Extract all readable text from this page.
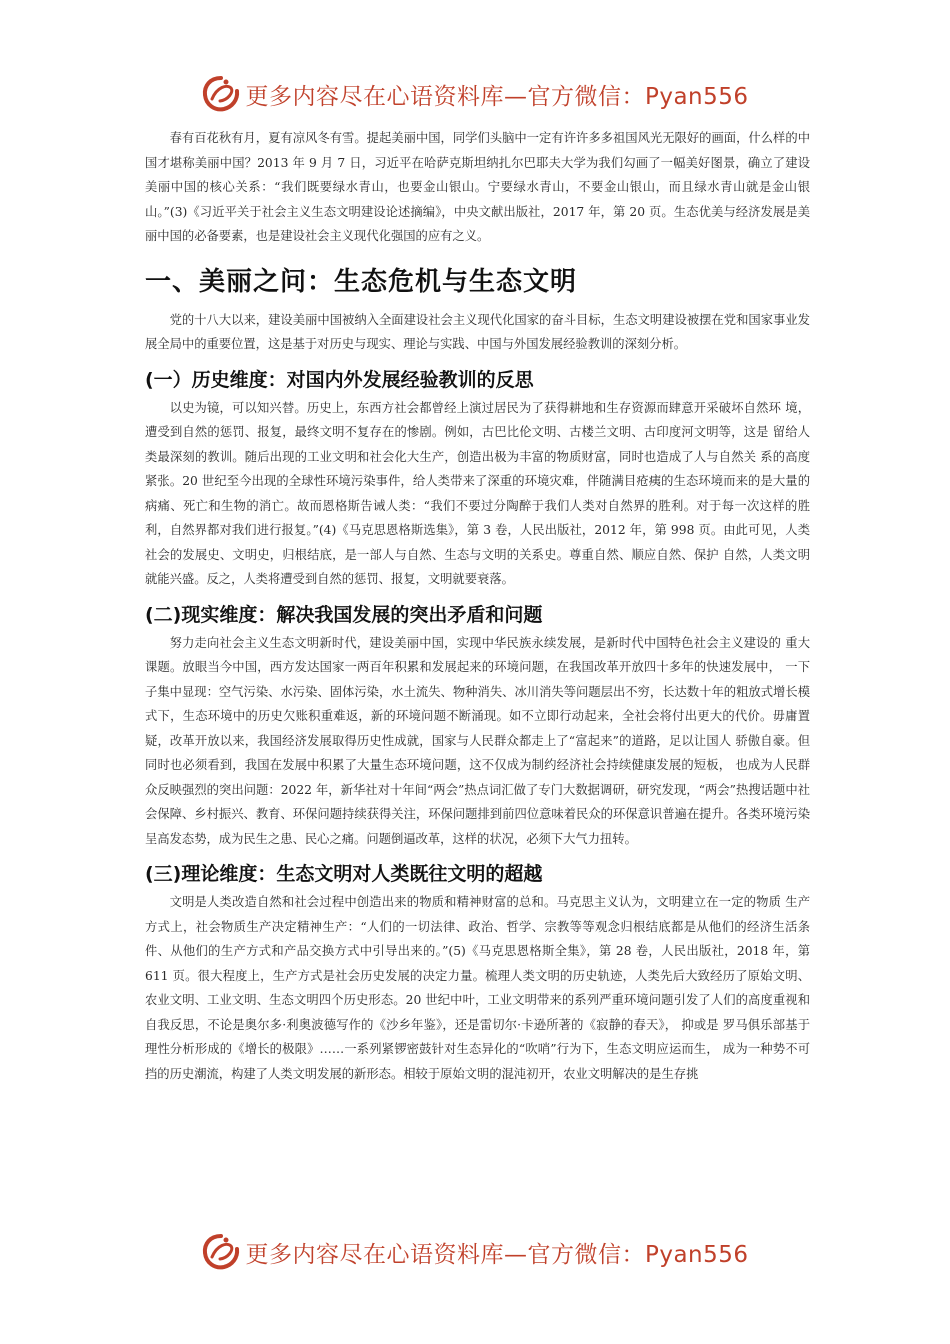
更多内容尽在心语资料库—官方微信：Pyan556

春有百花秋有月，夏有凉风冬有雪。提起美丽中国，同学们头脑中一定有许许多多祖国风光无限好的画面，什么样的中国才堪称美丽中国？2013 年 9 月 7 日，习近平在哈萨克斯坦纳扎尔巴耶夫大学为我们勾画了一幅美好图景，确立了建设美丽中国的核心关系：“我们既要绿水青山，也要金山银山。宁要绿水青山，不要金山银山，而且绿水青山就是金山银山。”(3)《习近平关于社会主义生态文明建设论述摘编》，中央文献出版社，2017 年，第 20 页。生态优美与经济发展是美丽中国的必备要素，也是建设社会主义现代化强国的应有之义。

一、美丽之问：生态危机与生态文明

党的十八大以来，建设美丽中国被纳入全面建设社会主义现代化国家的奋斗目标，生态文明建设被摆在党和国家事业发展全局中的重要位置，这是基于对历史与现实、理论与实践、中国与外国发展经验教训的深刻分析。

(一）历史维度：对国内外发展经验教训的反思

以史为镜，可以知兴替。历史上，东西方社会都曾经上演过居民为了获得耕地和生存资源而肆意开采破坏自然环 境，遭受到自然的惩罚、报复，最终文明不复存在的惨剧。例如，古巴比伦文明、古楼兰文明、古印度河文明等，这是 留给人类最深刻的教训。随后出现的工业文明和社会化大生产，创造出极为丰富的物质财富，同时也造成了人与自然关 系的高度紧张。20 世纪至今出现的全球性环境污染事件，给人类带来了深重的环境灾难，伴随满目疮痍的生态环境而来的是大量的病痛、死亡和生物的消亡。故而恩格斯告诫人类：“我们不要过分陶醉于我们人类对自然界的胜利。对于每一次这样的胜利，自然界都对我们进行报复。”(4)《马克思恩格斯选集》，第 3 卷，人民出版社，2012 年，第 998 页。由此可见，人类社会的发展史、文明史，归根结底，是一部人与自然、生态与文明的关系史。尊重自然、顺应自然、保护 自然，人类文明就能兴盛。反之，人类将遭受到自然的惩罚、报复，文明就要衰落。

(二)现实维度：解决我国发展的突出矛盾和问题

努力走向社会主义生态文明新时代，建设美丽中国，实现中华民族永续发展，是新时代中国特色社会主义建设的 重大课题。放眼当今中国，西方发达国家一两百年积累和发展起来的环境问题，在我国改革开放四十多年的快速发展中， 一下子集中显现：空气污染、水污染、固体污染，水土流失、物种消失、冰川消失等问题层出不穷，长达数十年的粗放式增长模式下，生态环境中的历史欠账积重难返，新的环境问题不断涌现。如不立即行动起来，全社会将付出更大的代价。毋庸置疑，改革开放以来，我国经济发展取得历史性成就，国家与人民群众都走上了“富起来”的道路，足以让国人 骄傲自豪。但同时也必须看到，我国在发展中积累了大量生态环境问题，这不仅成为制约经济社会持续健康发展的短板， 也成为人民群众反映强烈的突出问题：2022 年，新华社对十年间“两会”热点词汇做了专门大数据调研，研究发现，“两会”热搜话题中社会保障、乡村振兴、教育、环保问题持续获得关注，环保问题排到前四位意味着民众的环保意识普遍在提升。各类环境污染呈高发态势，成为民生之患、民心之痛。问题倒逼改革，这样的状况，必须下大气力扭转。

(三)理论维度：生态文明对人类既往文明的超越

文明是人类改造自然和社会过程中创造出来的物质和精神财富的总和。马克思主义认为，文明建立在一定的物质 生产方式上，社会物质生产决定精神生产：“人们的一切法律、政治、哲学、宗教等等观念归根结底都是从他们的经济生活条件、从他们的生产方式和产品交换方式中引导出来的。”(5)《马克思恩格斯全集》，第 28 卷，人民出版社，2018 年，第 611 页。很大程度上，生产方式是社会历史发展的决定力量。梳理人类文明的历史轨迹，人类先后大致经历了原始文明、农业文明、工业文明、生态文明四个历史形态。20 世纪中叶，工业文明带来的系列严重环境问题引发了人们的高度重视和自我反思，不论是奥尔多·利奥波德写作的《沙乡年鉴》，还是雷切尔·卡逊所著的《寂静的春天》， 抑或是 罗马俱乐部基于理性分析形成的《增长的极限》……一系列紧锣密鼓针对生态异化的“吹哨”行为下，生态文明应运而生， 成为一种势不可挡的历史潮流，构建了人类文明发展的新形态。相较于原始文明的混沌初开，农业文明解决的是生存挑

更多内容尽在心语资料库—官方微信：Pyan556
